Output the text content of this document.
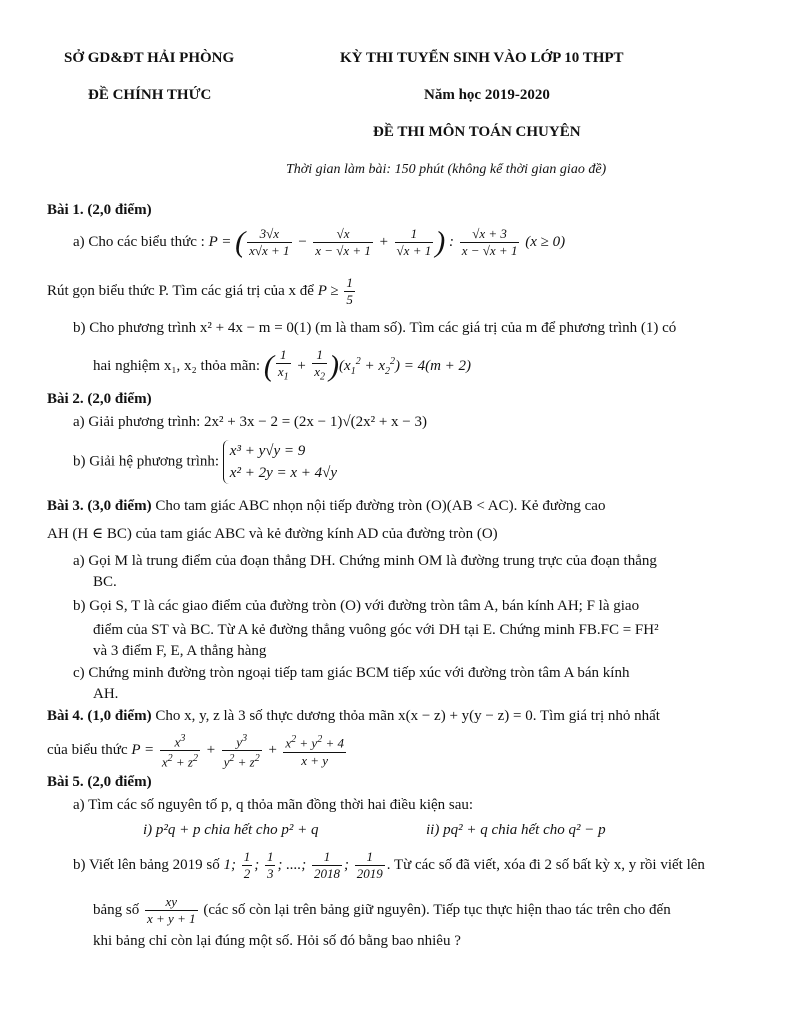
SỞ GD&ĐT HẢI PHÒNG	KỲ THI TUYỂN SINH VÀO LỚP 10 THPT
ĐỀ CHÍNH THỨC	Năm học 2019-2020
ĐỀ THI MÔN TOÁN CHUYÊN
Thời gian làm bài: 150 phút (không kể thời gian giao đề)
Bài 1. (2,0 điểm)
a) Cho các biểu thức : P = ( $\frac{3√x}{x√x + 1} - \frac{√x}{x - √x + 1} + \frac{1}{√x + 1}$ ) : $\frac{√x + 3}{x - √x + 1} (x \ge 0)$
Rút gọn biểu thức P. Tìm các giá trị của x để $P \ge \frac{1}{5}$
b) Cho phương trình x² + 4x − m = 0(1) (m là tham số). Tìm các giá trị của m để phương trình (1) có
hai nghiệm x₁, x₂ thỏa mãn: ( $\frac{1}{x_1} + \frac{1}{x_2} )(x_1^2 + x_2^2) = 4(m + 2)$
Bài 2. (2,0 điểm)
a) Giải phương trình: 2x² + 3x − 2 = (2x − 1)√(2x² + x − 3)
b) Giải hệ phương trình:
x³ + y√y = 9
x² + 2y = x + 4√y
Bài 3. (3,0 điểm) Cho tam giác ABC nhọn nội tiếp đường tròn (O)(AB < AC). Kẻ đường cao
AH (H ∈ BC) của tam giác ABC và kẻ đường kính AD của đường tròn (O)
a) Gọi M là trung điểm của đoạn thẳng DH. Chứng minh OM là đường trung trực của đoạn thẳng
BC.
b) Gọi S, T là các giao điểm của đường tròn (O) với đường tròn tâm A, bán kính AH; F là giao
điểm của ST và BC. Từ A kẻ đường thẳng vuông góc với DH tại E. Chứng minh FB.FC = FH²
và 3 điểm F, E, A thẳng hàng
c) Chứng minh đường tròn ngoại tiếp tam giác BCM tiếp xúc với đường tròn tâm A bán kính
AH.
Bài 4. (1,0 điểm) Cho x, y, z là 3 số thực dương thỏa mãn x(x − z) + y(y − z) = 0. Tìm giá trị nhỏ nhất
của biểu thức $P = \frac{x^3}{x^2 + z^2} + \frac{y^3}{y^2 + z^2} + \frac{x^2 + y^2 + 4}{x + y}$
Bài 5. (2,0 điểm)
a) Tìm các số nguyên tố p, q thỏa mãn đồng thời hai điều kiện sau:
i) p²q + p chia hết cho p² + q	ii) pq² + q chia hết cho q² − p
b) Viết lên bảng 2019 số 1; $\frac{1}{2}$ ; $\frac{1}{3}$ ; ....; $\frac{1}{2018}$ ; $\frac{1}{2019}$ . Từ các số đã viết, xóa đi 2 số bất kỳ x, y rồi viết lên
bảng số $\frac{xy}{x + y + 1}$ (các số còn lại trên bảng giữ nguyên). Tiếp tục thực hiện thao tác trên cho đến
khi bảng chỉ còn lại đúng một số. Hỏi số đó bằng bao nhiêu ?
